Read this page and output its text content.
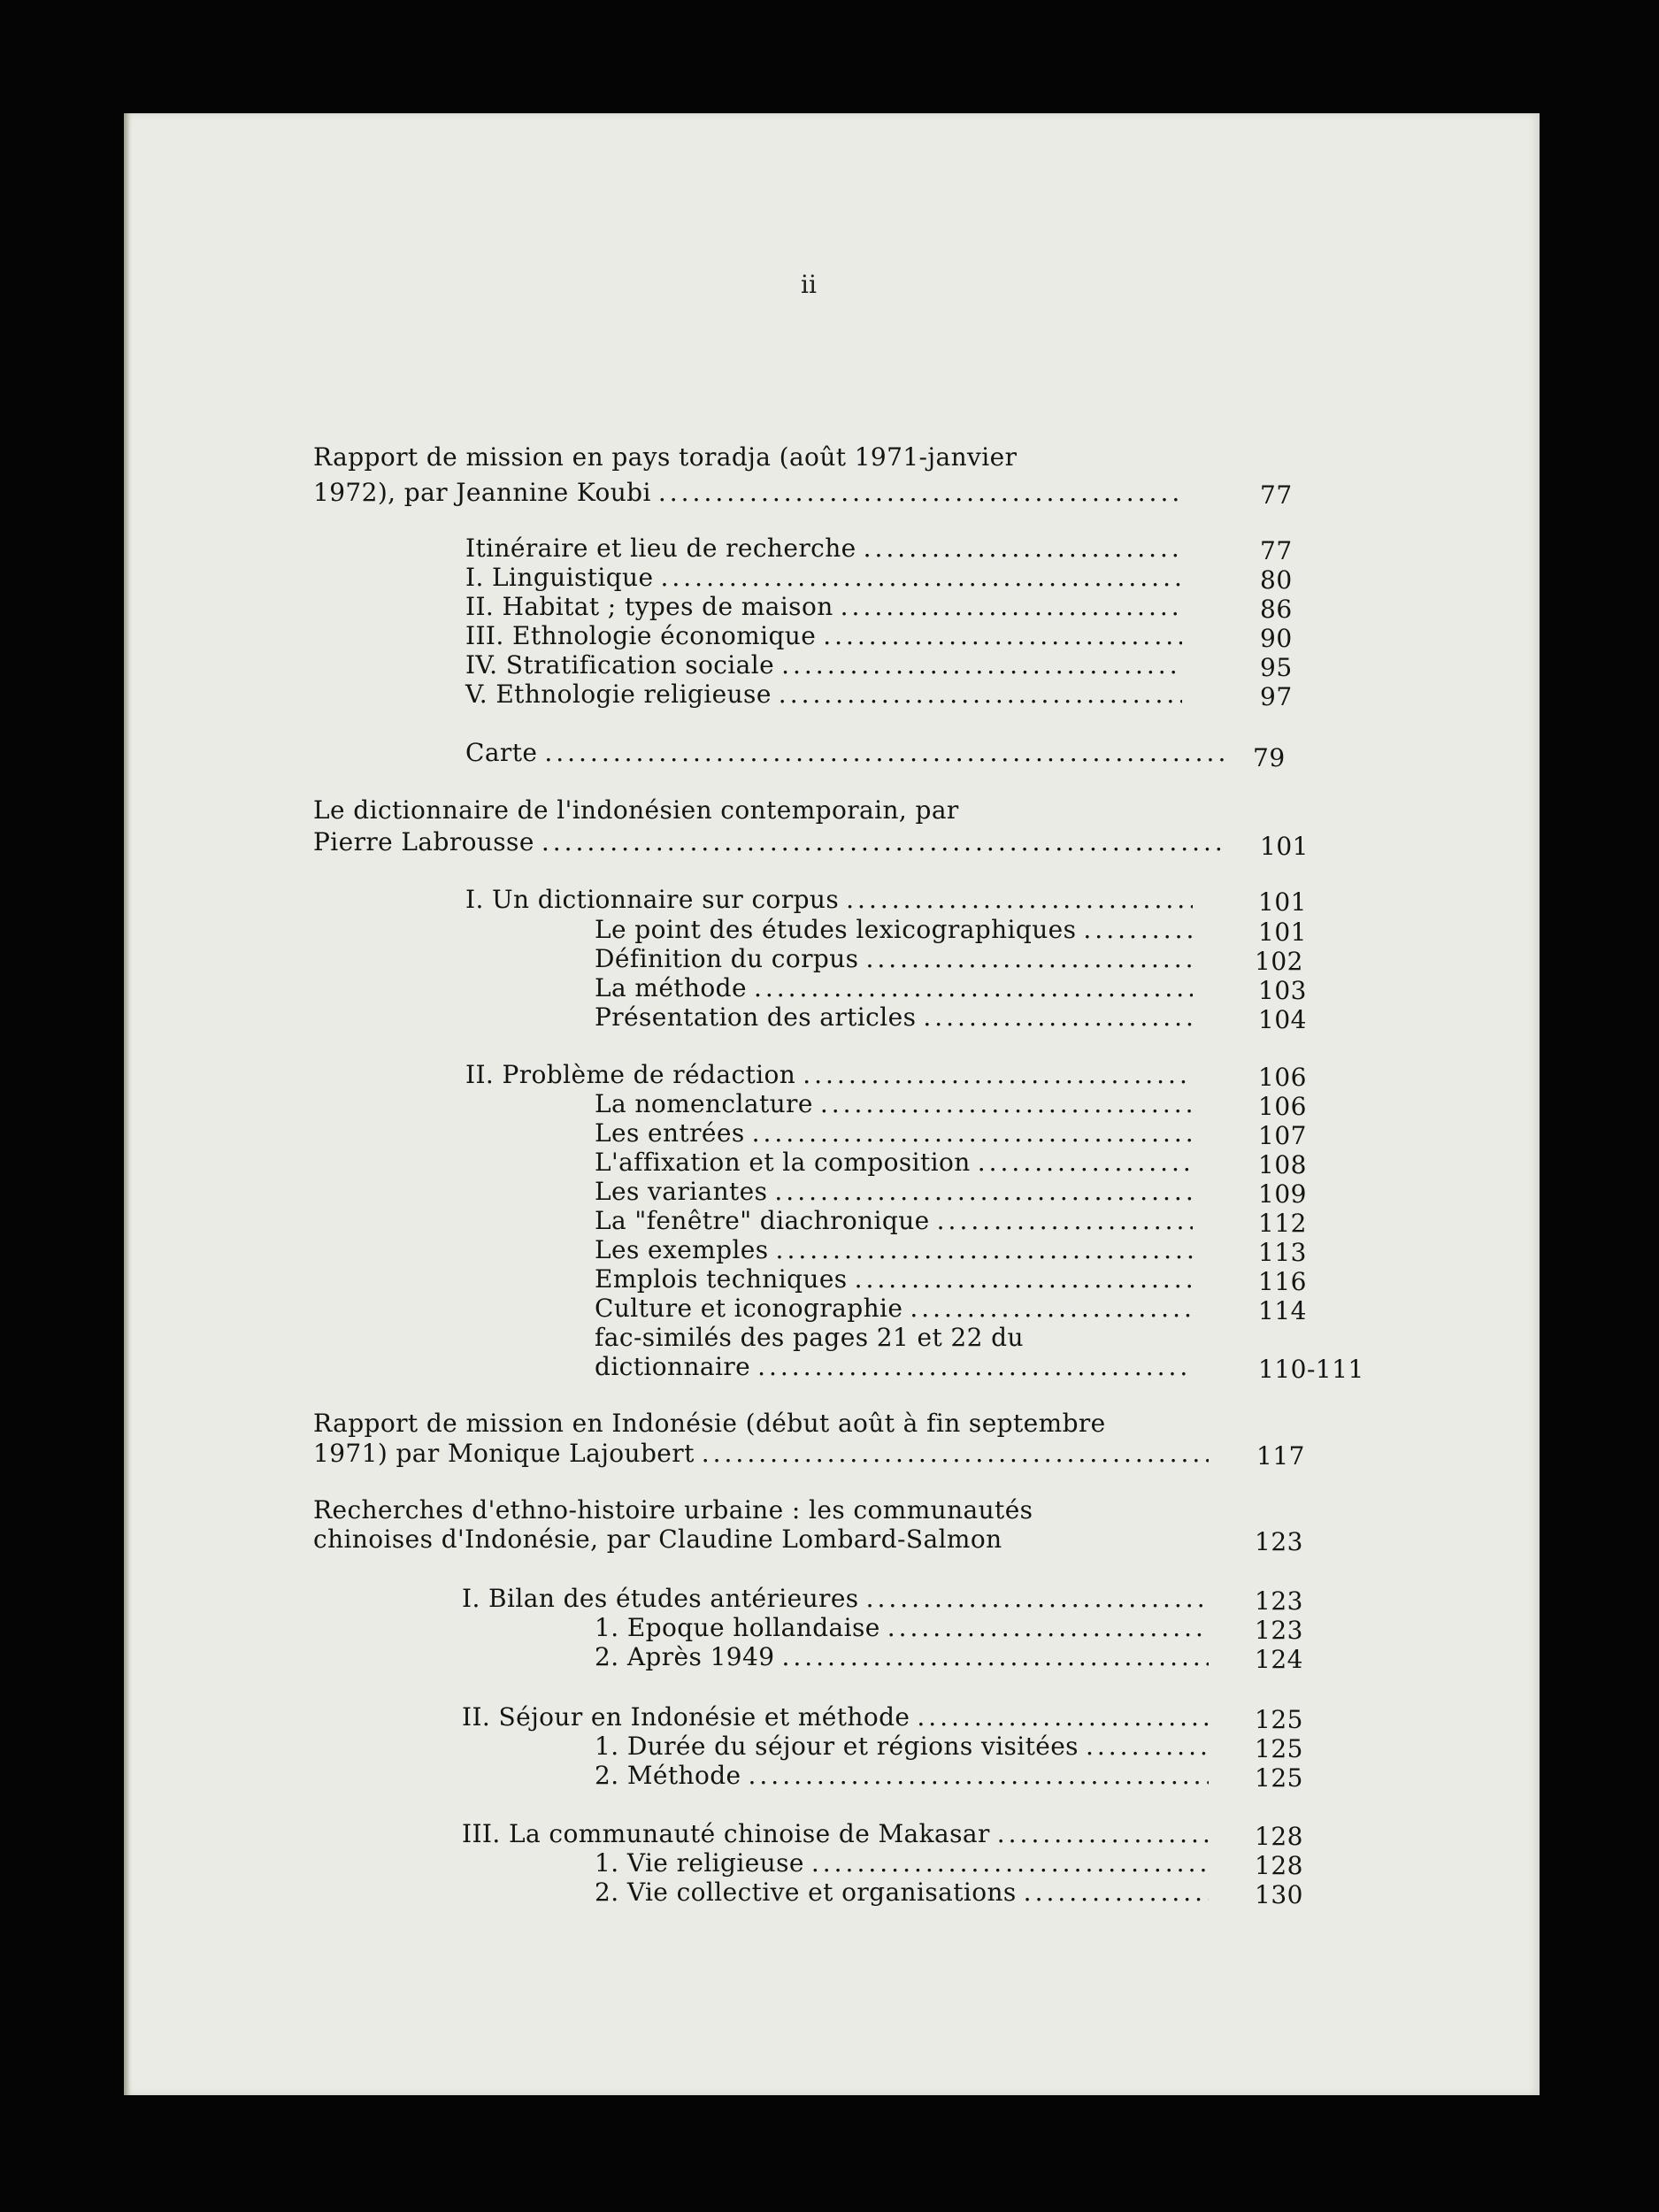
ii
Rapport de mission en pays toradja (août 1971-janvier
1972), par Jeannine Koubi .....	77
Itinéraire et lieu de recherche .....	77
I. Linguistique .....	80
II. Habitat ; types de maison .....	86
III. Ethnologie économique .....	90
IV. Stratification sociale .....	95
V. Ethnologie religieuse .....	97
Carte .....	79
Le dictionnaire de l'indonésien contemporain, par
Pierre Labrousse .....	101
I. Un dictionnaire sur corpus .....	101
Le point des études lexicographiques .....	101
Définition du corpus .....	102
La méthode .....	103
Présentation des articles .....	104
II. Problème de rédaction .....	106
La nomenclature .....	106
Les entrées .....	107
L'affixation et la composition .....	108
Les variantes .....	109
La "fenêtre" diachronique .....	112
Les exemples .....	113
Emplois techniques .....	116
Culture et iconographie .....	114
fac-similés des pages 21 et 22 du
dictionnaire .....	110-111
Rapport de mission en Indonésie (début août à fin septembre
1971) par Monique Lajoubert .....	117
Recherches d'ethno-histoire urbaine : les communautés
chinoises d'Indonésie, par Claudine Lombard-Salmon	123
I. Bilan des études antérieures .....	123
1. Epoque hollandaise .....	123
2. Après 1949 .....	124
II. Séjour en Indonésie et méthode .....	125
1. Durée du séjour et régions visitées .....	125
2. Méthode .....	125
III. La communauté chinoise de Makasar .....	128
1. Vie religieuse .....	128
2. Vie collective et organisations .....	130
